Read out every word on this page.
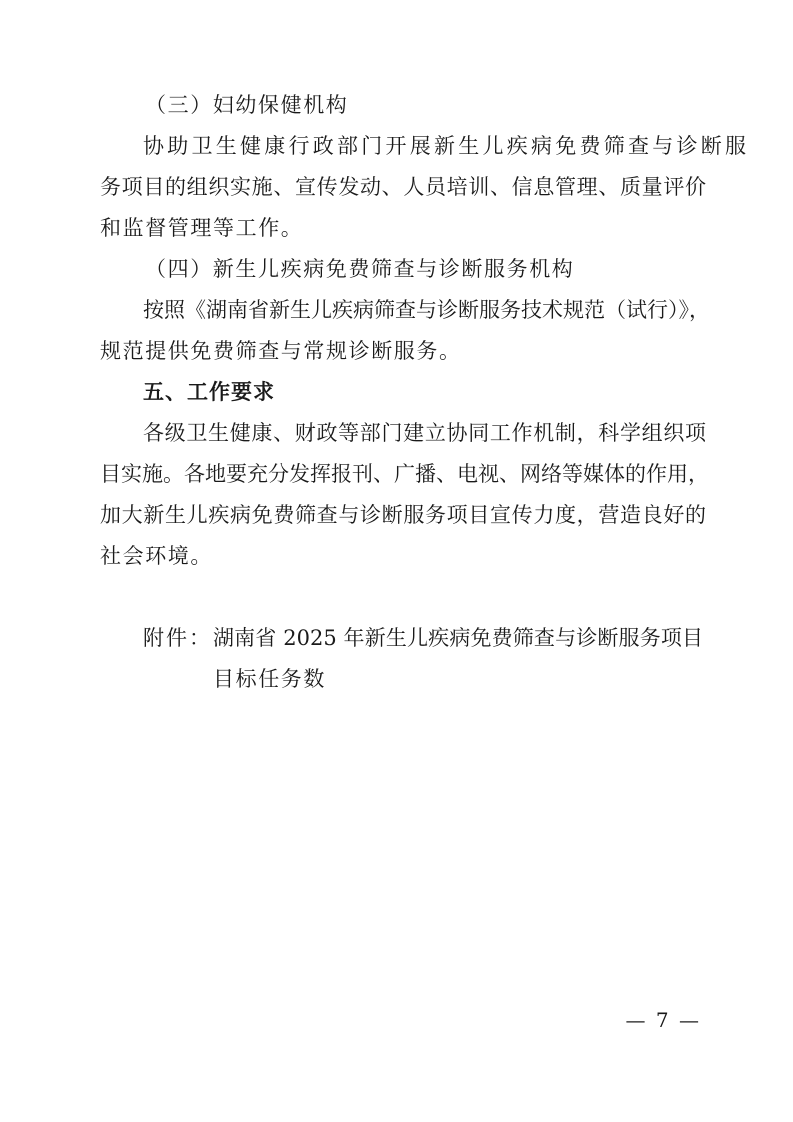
（三）妇幼保健机构
协助卫生健康行政部门开展新生儿疾病免费筛查与诊断服
务项目的组织实施、宣传发动、人员培训、信息管理、质量评价
和监督管理等工作。
（四）新生儿疾病免费筛查与诊断服务机构
按照《湖南省新生儿疾病筛查与诊断服务技术规范（试行）》，
规范提供免费筛查与常规诊断服务。
五、工作要求
各级卫生健康、财政等部门建立协同工作机制，科学组织项
目实施。各地要充分发挥报刊、广播、电视、网络等媒体的作用，
加大新生儿疾病免费筛查与诊断服务项目宣传力度，营造良好的
社会环境。
附件： 湖南省 2025 年新生儿疾病免费筛查与诊断服务项目
目标任务数
— 7 —
